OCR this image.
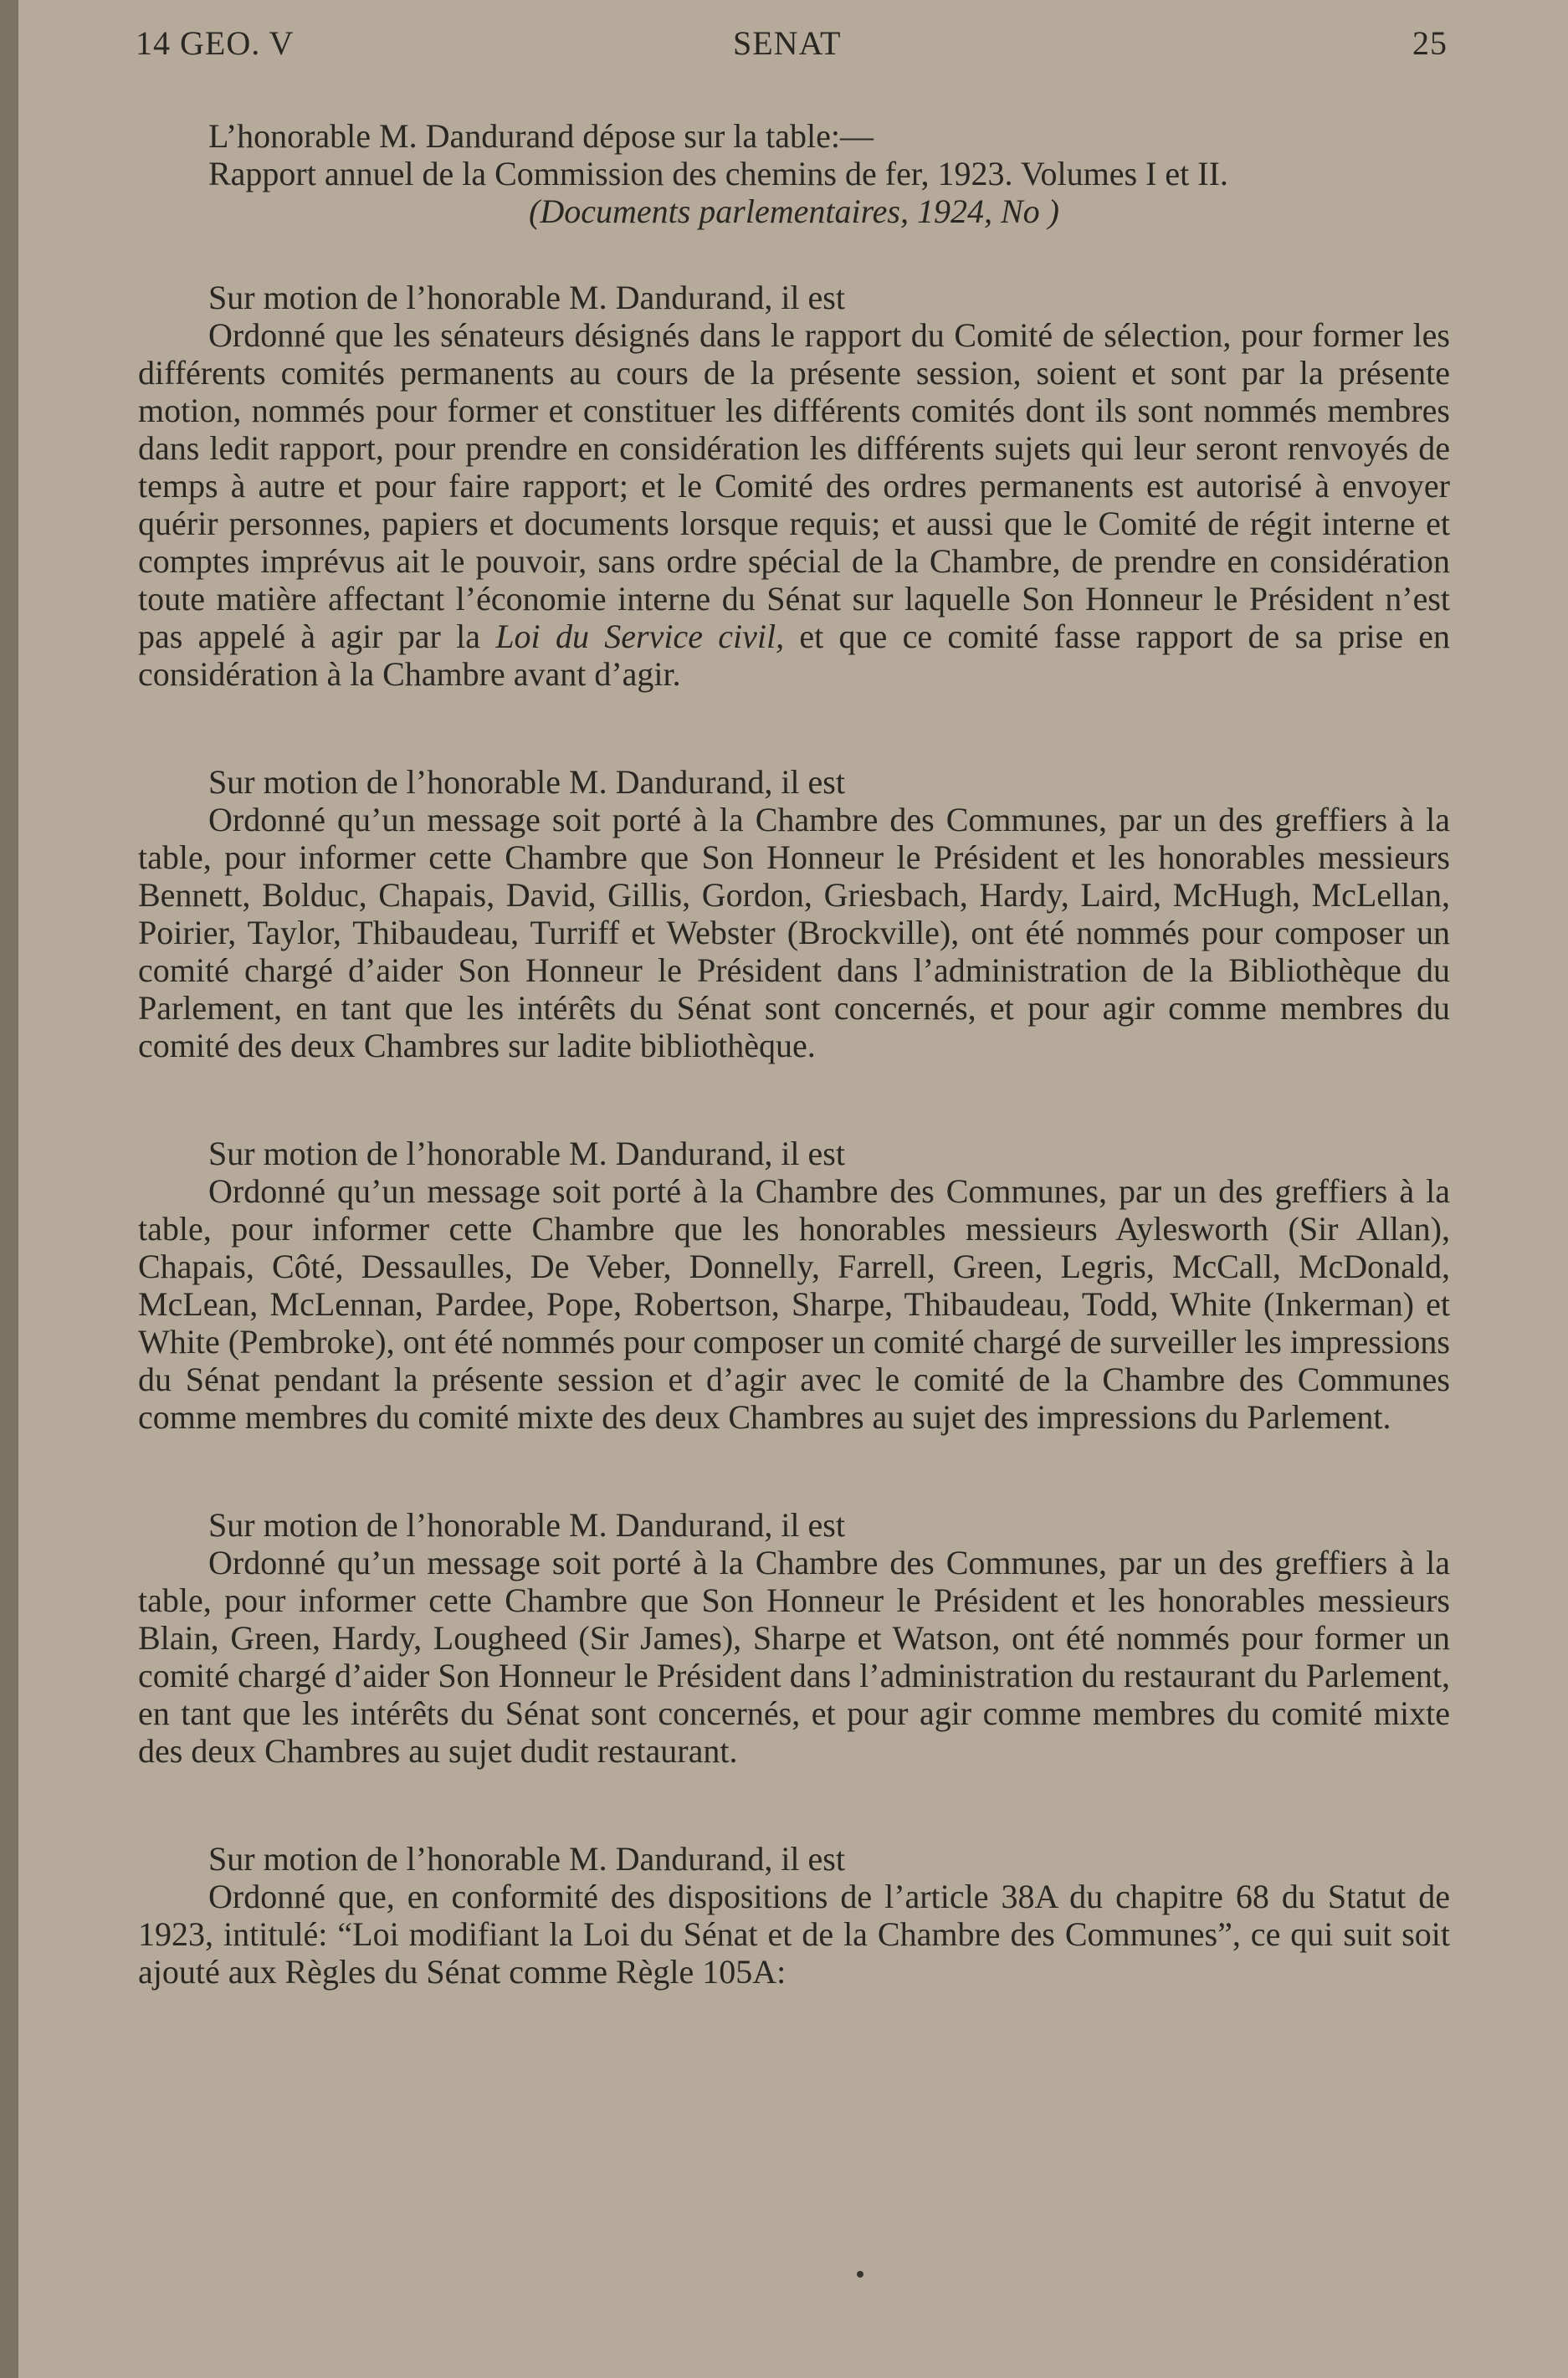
14 GEO. V	SENAT	25

L’honorable M. Dandurand dépose sur la table:—

Rapport annuel de la Commission des chemins de fer, 1923. Volumes I et II.

(Documents parlementaires, 1924, No )

Sur motion de l’honorable M. Dandurand, il est

Ordonné que les sénateurs désignés dans le rapport du Comité de sélection, pour former les différents comités permanents au cours de la présente session, soient et sont par la présente motion, nommés pour former et constituer les différents comités dont ils sont nommés membres dans ledit rapport, pour prendre en considération les différents sujets qui leur seront renvoyés de temps à autre et pour faire rapport; et le Comité des ordres permanents est autorisé à envoyer quérir personnes, papiers et documents lorsque requis; et aussi que le Comité de régit interne et comptes imprévus ait le pouvoir, sans ordre spécial de la Chambre, de prendre en considération toute matière affectant l’économie interne du Sénat sur laquelle Son Honneur le Président n’est pas appelé à agir par la Loi du Service civil, et que ce comité fasse rapport de sa prise en considération à la Chambre avant d’agir.

Sur motion de l’honorable M. Dandurand, il est

Ordonné qu’un message soit porté à la Chambre des Communes, par un des greffiers à la table, pour informer cette Chambre que Son Honneur le Président et les honorables messieurs Bennett, Bolduc, Chapais, David, Gillis, Gordon, Griesbach, Hardy, Laird, McHugh, McLellan, Poirier, Taylor, Thibaudeau, Turriff et Webster (Brockville), ont été nommés pour composer un comité chargé d’aider Son Honneur le Président dans l’administration de la Bibliothèque du Parlement, en tant que les intérêts du Sénat sont concernés, et pour agir comme membres du comité des deux Chambres sur ladite bibliothèque.

Sur motion de l’honorable M. Dandurand, il est

Ordonné qu’un message soit porté à la Chambre des Communes, par un des greffiers à la table, pour informer cette Chambre que les honorables messieurs Aylesworth (Sir Allan), Chapais, Côté, Dessaulles, De Veber, Donnelly, Farrell, Green, Legris, McCall, McDonald, McLean, McLennan, Pardee, Pope, Robertson, Sharpe, Thibaudeau, Todd, White (Inkerman) et White (Pembroke), ont été nommés pour composer un comité chargé de surveiller les impressions du Sénat pendant la présente session et d’agir avec le comité de la Chambre des Communes comme membres du comité mixte des deux Chambres au sujet des impressions du Parlement.

Sur motion de l’honorable M. Dandurand, il est

Ordonné qu’un message soit porté à la Chambre des Communes, par un des greffiers à la table, pour informer cette Chambre que Son Honneur le Président et les honorables messieurs Blain, Green, Hardy, Lougheed (Sir James), Sharpe et Watson, ont été nommés pour former un comité chargé d’aider Son Honneur le Président dans l’administration du restaurant du Parlement, en tant que les intérêts du Sénat sont concernés, et pour agir comme membres du comité mixte des deux Chambres au sujet dudit restaurant.

Sur motion de l’honorable M. Dandurand, il est

Ordonné que, en conformité des dispositions de l’article 38A du chapitre 68 du Statut de 1923, intitulé: “Loi modifiant la Loi du Sénat et de la Chambre des Communes”, ce qui suit soit ajouté aux Règles du Sénat comme Règle 105A:
